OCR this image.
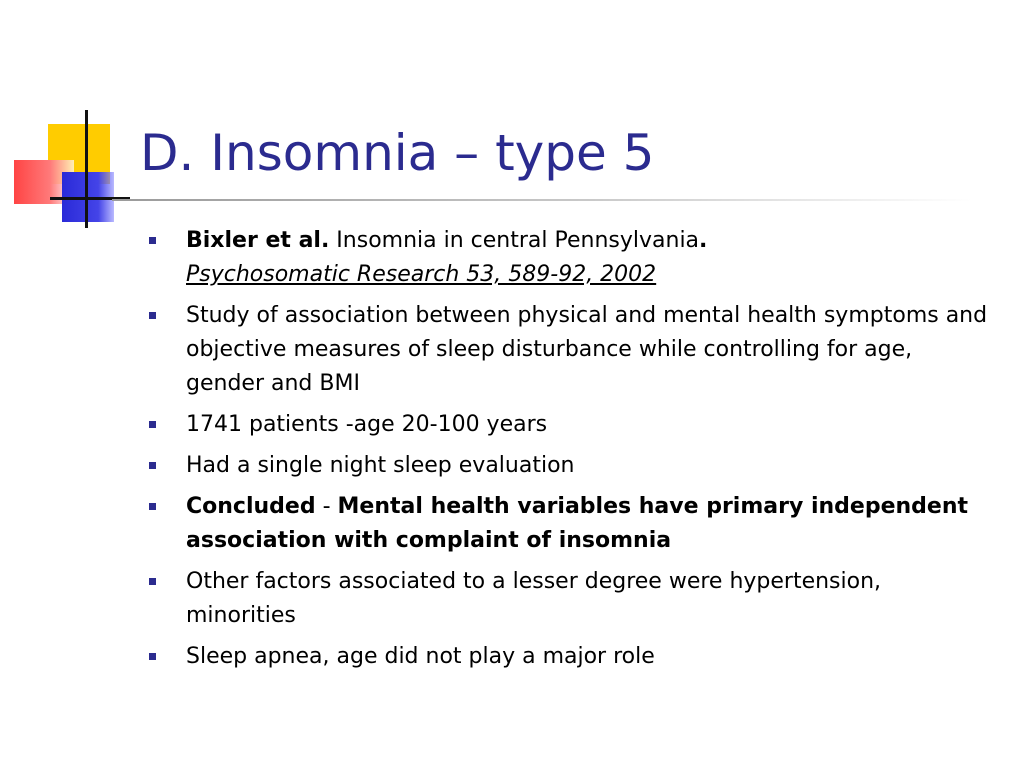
D. Insomnia – type 5
Bixler et al. Insomnia in central Pennsylvania.
Psychosomatic Research 53, 589-92, 2002
Study of association between physical and mental health symptoms and objective measures of sleep disturbance while controlling for age, gender and BMI
1741 patients -age 20-100 years
Had a single night sleep evaluation
Concluded - Mental health variables have primary independent association with complaint of insomnia
Other factors associated to a lesser degree were hypertension, minorities
Sleep apnea, age did not play a major role
